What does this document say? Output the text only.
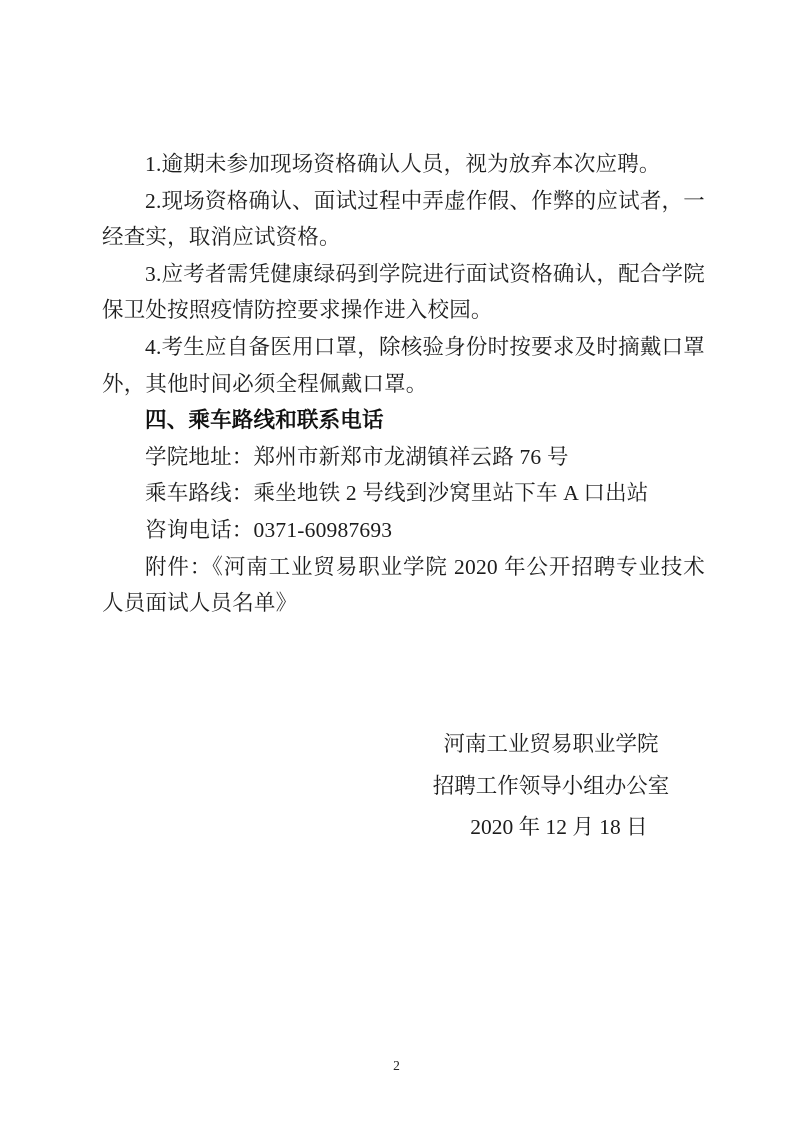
1.逾期未参加现场资格确认人员，视为放弃本次应聘。

2.现场资格确认、面试过程中弄虚作假、作弊的应试者，一经查实，取消应试资格。

3.应考者需凭健康绿码到学院进行面试资格确认，配合学院保卫处按照疫情防控要求操作进入校园。

4.考生应自备医用口罩，除核验身份时按要求及时摘戴口罩外，其他时间必须全程佩戴口罩。

四、乘车路线和联系电话

学院地址：郑州市新郑市龙湖镇祥云路 76 号

乘车路线：乘坐地铁 2 号线到沙窝里站下车 A 口出站

咨询电话：0371-60987693

附件：《河南工业贸易职业学院 2020 年公开招聘专业技术人员面试人员名单》

河南工业贸易职业学院

招聘工作领导小组办公室

2020 年 12 月 18 日

2
